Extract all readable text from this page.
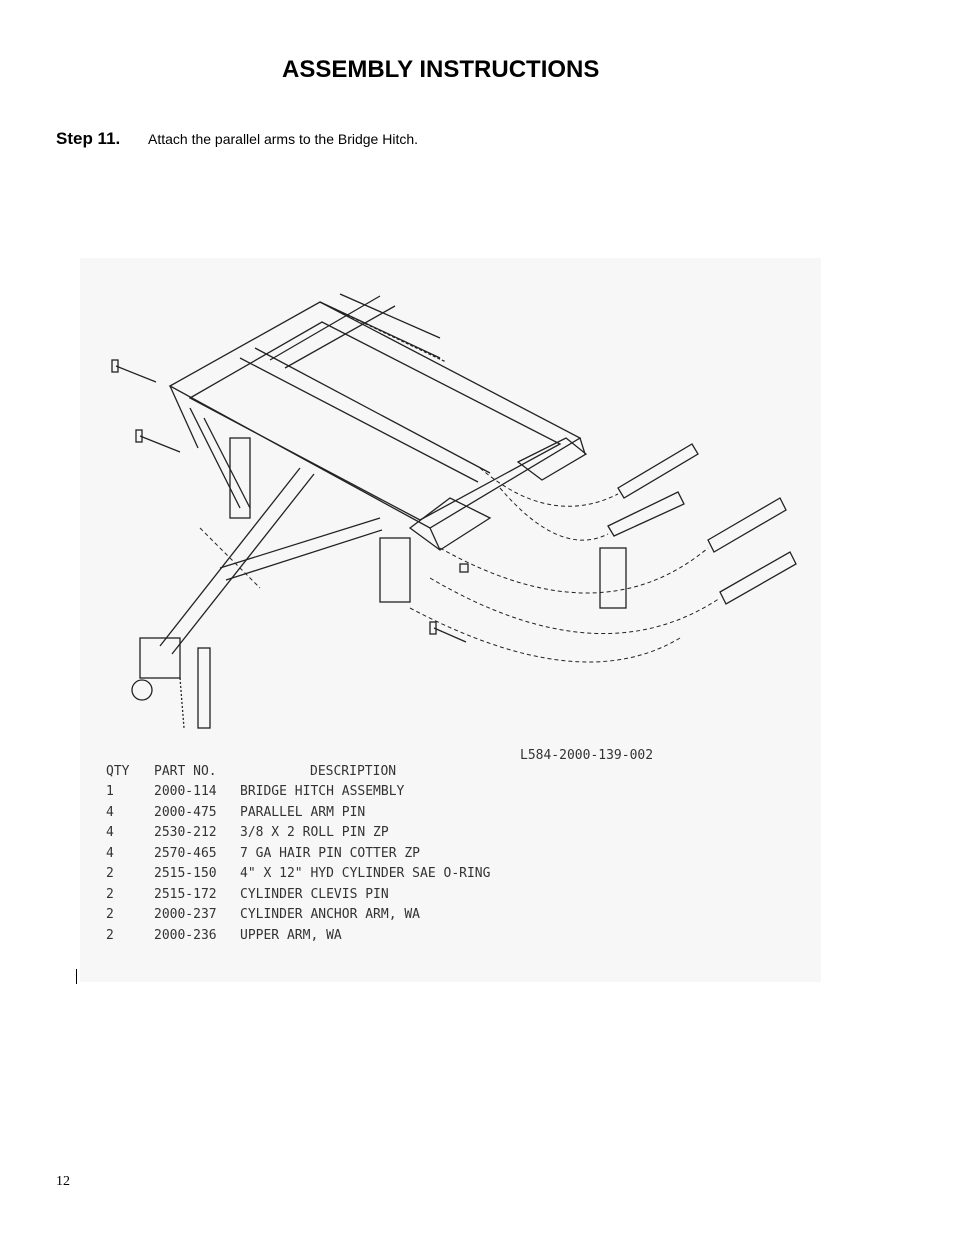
ASSEMBLY INSTRUCTIONS
Step 11. Attach the parallel arms to the Bridge Hitch.
L584-2000-139-002
QTY	PART NO.	DESCRIPTION
1	2000-114	BRIDGE HITCH ASSEMBLY
4	2000-475	PARALLEL ARM PIN
4	2530-212	3/8 X 2 ROLL PIN ZP
4	2570-465	7 GA HAIR PIN COTTER ZP
2	2515-150	4" X 12" HYD CYLINDER SAE O-RING
2	2515-172	CYLINDER CLEVIS PIN
2	2000-237	CYLINDER ANCHOR ARM, WA
2	2000-236	UPPER ARM, WA
12
